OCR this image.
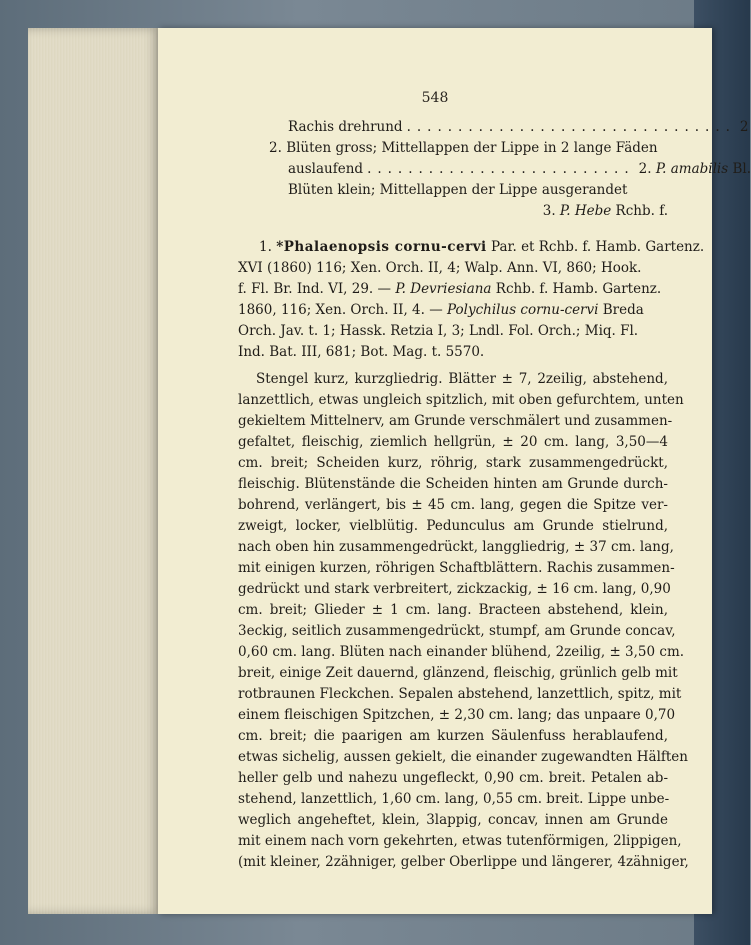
548
Rachis drehrund ................................ 2
2. Blüten gross; Mittellappen der Lippe in 2 lange Fäden
auslaufend .......................... 2. P. amabilis Bl.
Blüten klein; Mittellappen der Lippe ausgerandet
3. P. Hebe Rchb. f.
1. *Phalaenopsis cornu-cervi Par. et Rchb. f. Hamb. Gartenz.
XVI (1860) 116; Xen. Orch. II, 4; Walp. Ann. VI, 860; Hook.
f. Fl. Br. Ind. VI, 29. — P. Devriesiana Rchb. f. Hamb. Gartenz.
1860, 116; Xen. Orch. II, 4. — Polychilus cornu-cervi Breda
Orch. Jav. t. 1; Hassk. Retzia I, 3; Lndl. Fol. Orch.; Miq. Fl.
Ind. Bat. III, 681; Bot. Mag. t. 5570.
Stengel kurz, kurzgliedrig. Blätter ± 7, 2zeilig, abstehend,
lanzettlich, etwas ungleich spitzlich, mit oben gefurchtem, unten
gekieltem Mittelnerv, am Grunde verschmälert und zusammen-
gefaltet, fleischig, ziemlich hellgrün, ± 20 cm. lang, 3,50—4
cm. breit; Scheiden kurz, röhrig, stark zusammengedrückt,
fleischig. Blütenstände die Scheiden hinten am Grunde durch-
bohrend, verlängert, bis ± 45 cm. lang, gegen die Spitze ver-
zweigt, locker, vielblütig. Pedunculus am Grunde stielrund,
nach oben hin zusammengedrückt, langgliedrig, ± 37 cm. lang,
mit einigen kurzen, röhrigen Schaftblättern. Rachis zusammen-
gedrückt und stark verbreitert, zickzackig, ± 16 cm. lang, 0,90
cm. breit; Glieder ± 1 cm. lang. Bracteen abstehend, klein,
3eckig, seitlich zusammengedrückt, stumpf, am Grunde concav,
0,60 cm. lang. Blüten nach einander blühend, 2zeilig, ± 3,50 cm.
breit, einige Zeit dauernd, glänzend, fleischig, grünlich gelb mit
rotbraunen Fleckchen. Sepalen abstehend, lanzettlich, spitz, mit
einem fleischigen Spitzchen, ± 2,30 cm. lang; das unpaare 0,70
cm. breit; die paarigen am kurzen Säulenfuss herablaufend,
etwas sichelig, aussen gekielt, die einander zugewandten Hälften
heller gelb und nahezu ungefleckt, 0,90 cm. breit. Petalen ab-
stehend, lanzettlich, 1,60 cm. lang, 0,55 cm. breit. Lippe unbe-
weglich angeheftet, klein, 3lappig, concav, innen am Grunde
mit einem nach vorn gekehrten, etwas tutenförmigen, 2lippigen,
(mit kleiner, 2zähniger, gelber Oberlippe und längerer, 4zähniger,
